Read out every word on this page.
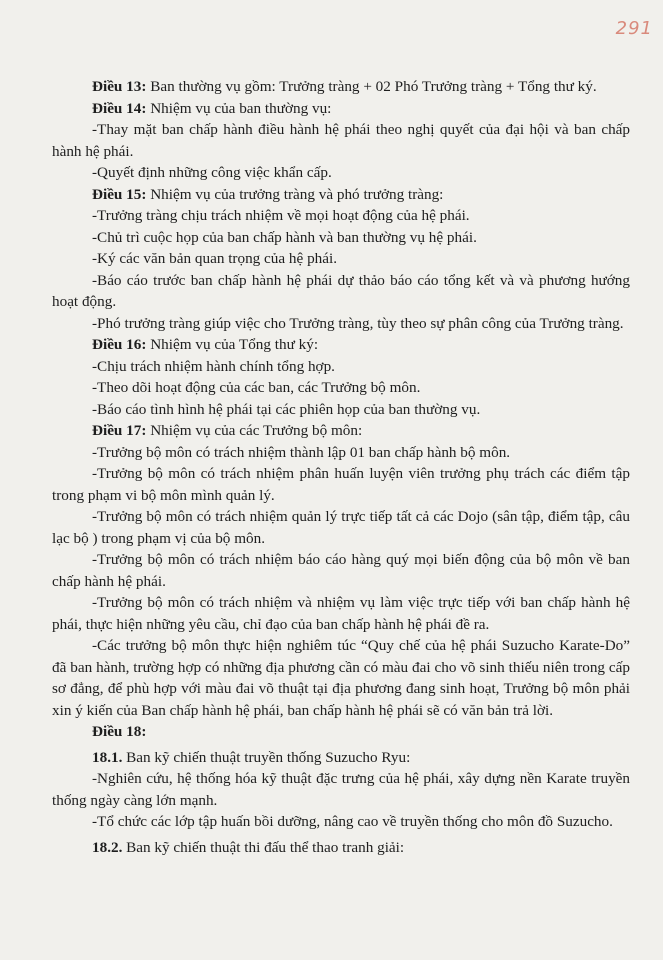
291

Điều 13: Ban thường vụ gồm: Trưởng tràng + 02 Phó Trưởng tràng + Tổng thư ký.

Điều 14: Nhiệm vụ của ban thường vụ:

-Thay mặt ban chấp hành điều hành hệ phái theo nghị quyết của đại hội và ban chấp hành hệ phái.

-Quyết định những công việc khẩn cấp.

Điều 15: Nhiệm vụ của trưởng tràng và phó trưởng tràng:

-Trưởng tràng chịu trách nhiệm về mọi hoạt động của hệ phái.

-Chủ trì cuộc họp của ban chấp hành và ban thường vụ hệ phái.

-Ký các văn bản quan trọng của hệ phái.

-Báo cáo trước ban chấp hành hệ phái dự thảo báo cáo tổng kết và và phương hướng hoạt động.

-Phó trưởng tràng giúp việc cho Trưởng tràng, tùy theo sự phân công của Trưởng tràng.

Điều 16: Nhiệm vụ của Tổng thư ký:

-Chịu trách nhiệm hành chính tổng hợp.

-Theo dõi hoạt động của các ban, các Trưởng bộ môn.

-Báo cáo tình hình hệ phái tại các phiên họp của ban thường vụ.

Điều 17: Nhiệm vụ của các Trưởng bộ môn:

-Trưởng bộ môn có trách nhiệm thành lập 01 ban chấp hành bộ môn.

-Trưởng bộ môn có trách nhiệm phân huấn luyện viên trưởng phụ trách các điểm tập trong phạm vi bộ môn mình quản lý.

-Trưởng bộ môn có trách nhiệm quản lý trực tiếp tất cả các Dojo (sân tập, điểm tập, câu lạc bộ ) trong phạm vị của bộ môn.

-Trưởng bộ môn có trách nhiệm báo cáo hàng quý mọi biến động của bộ môn về ban chấp hành hệ phái.

-Trưởng bộ môn có trách nhiệm và nhiệm vụ làm việc trực tiếp với ban chấp hành hệ phái, thực hiện những yêu cầu, chỉ đạo của ban chấp hành hệ phái đề ra.

-Các trưởng bộ môn thực hiện nghiêm túc “Quy chế của hệ phái Suzucho Karate-Do” đã ban hành, trường hợp có những địa phương cần có màu đai cho võ sinh thiếu niên trong cấp sơ đẳng, để phù hợp với màu đai võ thuật tại địa phương đang sinh hoạt, Trưởng bộ môn phải xin ý kiến của Ban chấp hành hệ phái, ban chấp hành hệ phái sẽ có văn bản trả lời.

Điều 18:

18.1. Ban kỹ chiến thuật truyền thống Suzucho Ryu:

-Nghiên cứu, hệ thống hóa kỹ thuật đặc trưng của hệ phái, xây dựng nền Karate truyền thống ngày càng lớn mạnh.

-Tổ chức các lớp tập huấn bồi dưỡng, nâng cao về truyền thống cho môn đồ Suzucho.

18.2. Ban kỹ chiến thuật thi đấu thể thao tranh giải:
